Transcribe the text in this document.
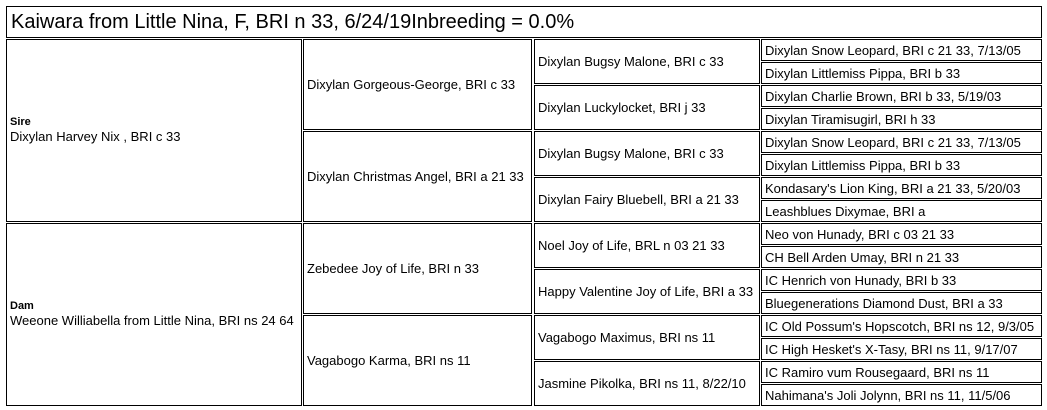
Kaiwara from Little Nina, F, BRI n 33, 6/24/19Inbreeding = 0.0%
Sire
Dixylan Harvey Nix , BRI c 33
Dam
Weeone Williabella from Little Nina, BRI ns 24 64
Dixylan Gorgeous-George, BRI c 33
Dixylan Christmas Angel, BRI a 21 33
Zebedee Joy of Life, BRI n 33
Vagabogo Karma, BRI ns 11
Dixylan Bugsy Malone, BRI c 33
Dixylan Luckylocket, BRI j 33
Dixylan Bugsy Malone, BRI c 33
Dixylan Fairy Bluebell, BRI a 21 33
Noel Joy of Life, BRL n 03 21 33
Happy Valentine Joy of Life, BRI a 33
Vagabogo Maximus, BRI ns 11
Jasmine Pikolka, BRI ns 11, 8/22/10
Dixylan Snow Leopard, BRI c 21 33, 7/13/05
Dixylan Littlemiss Pippa, BRI b 33
Dixylan Charlie Brown, BRI b 33, 5/19/03
Dixylan Tiramisugirl, BRI h 33
Dixylan Snow Leopard, BRI c 21 33, 7/13/05
Dixylan Littlemiss Pippa, BRI b 33
Kondasary's Lion King, BRI a 21 33, 5/20/03
Leashblues Dixymae, BRI a
Neo von Hunady, BRI c 03 21 33
CH Bell Arden Umay, BRI n 21 33
IC Henrich von Hunady, BRI b 33
Bluegenerations Diamond Dust, BRI a 33
IC Old Possum's Hopscotch, BRI ns 12, 9/3/05
IC High Hesket's X-Tasy, BRI ns 11, 9/17/07
IC Ramiro vum Rousegaard, BRI ns 11
Nahimana's Joli Jolynn, BRI ns 11, 11/5/06
